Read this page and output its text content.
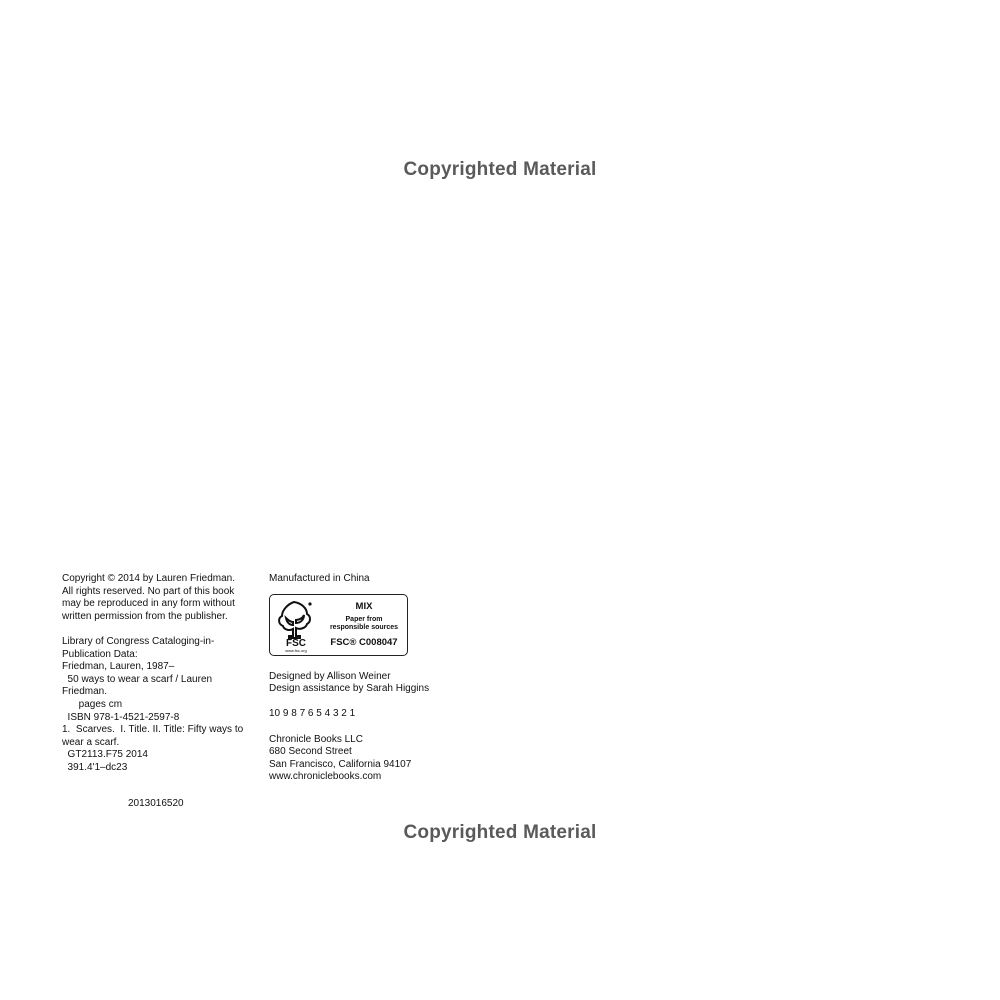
Copyrighted Material
Copyright © 2014 by Lauren Friedman.
All rights reserved. No part of this book
may be reproduced in any form without
written permission from the publisher.
Library of Congress Cataloging-in-
Publication Data:
Friedman, Lauren, 1987–
50 ways to wear a scarf / Lauren
Friedman.
pages cm
ISBN 978-1-4521-2597-8
1.  Scarves.  I. Title. II. Title: Fifty ways to
wear a scarf.
GT2113.F75 2014
391.4'1–dc23
2013016520
Manufactured in China
FSC
www.fsc.org
MIX
Paper from
responsible sources
FSC® C008047
Designed by Allison Weiner
Design assistance by Sarah Higgins
10 9 8 7 6 5 4 3 2 1
Chronicle Books LLC
680 Second Street
San Francisco, California 94107
www.chroniclebooks.com
Copyrighted Material
